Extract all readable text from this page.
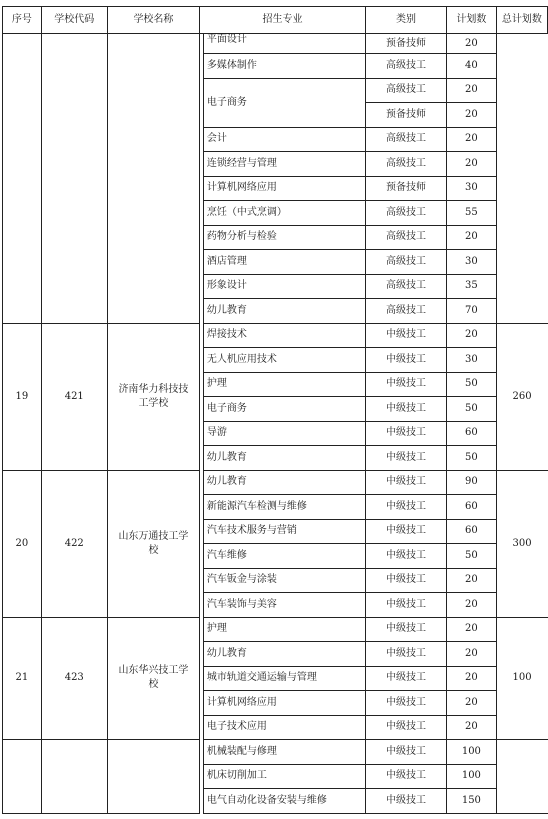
序号	学校代码	学校名称	招生专业		类别	计划数	总计划数

				平面设计	预备技师	20	
				多媒体制作	高级技工	40	
				电子商务	高级技工	20	
					预备技师	20	
				会计	高级技工	20	
				连锁经营与管理	高级技工	20	
				计算机网络应用	预备技师	30	
				烹饪（中式烹调）	高级技工	55	
				药物分析与检验	高级技工	20	
				酒店管理	高级技工	30	
				形象设计	高级技工	35	
				幼儿教育	高级技工	70	
19	421	济南华力科技技工学校		焊接技术	中级技工	20	260
				无人机应用技术	中级技工	30	
				护理	中级技工	50	
				电子商务	中级技工	50	
				导游	中级技工	60	
				幼儿教育	中级技工	50	
20	422	山东万通技工学校		幼儿教育	中级技工	90	300
				新能源汽车检测与维修	中级技工	60	
				汽车技术服务与营销	中级技工	60	
				汽车维修	中级技工	50	
				汽车钣金与涂装	中级技工	20	
				汽车装饰与美容	中级技工	20	
21	423	山东华兴技工学校		护理	中级技工	20	100
				幼儿教育	中级技工	20	
				城市轨道交通运输与管理	中级技工	20	
				计算机网络应用	中级技工	20	
				电子技术应用	中级技工	20	
				机械装配与修理	中级技工	100	
				机床切削加工	中级技工	100	
				电气自动化设备安装与维修	中级技工	150	
